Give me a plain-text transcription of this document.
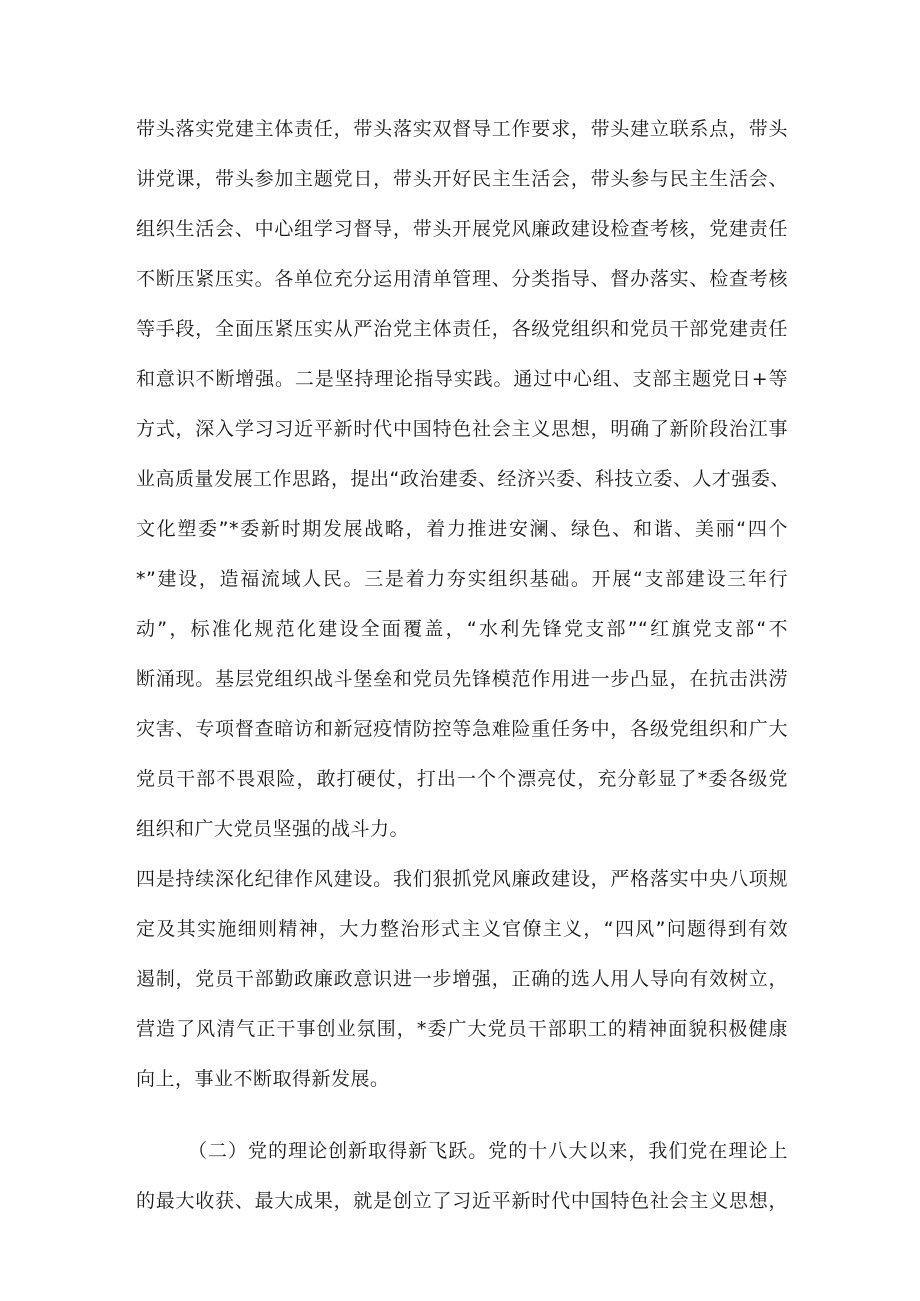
带头落实党建主体责任，带头落实双督导工作要求，带头建立联系点，带头
讲党课，带头参加主题党日，带头开好民主生活会，带头参与民主生活会、
组织生活会、中心组学习督导，带头开展党风廉政建设检查考核，党建责任
不断压紧压实。各单位充分运用清单管理、分类指导、督办落实、检查考核
等手段，全面压紧压实从严治党主体责任，各级党组织和党员干部党建责任
和意识不断增强。二是坚持理论指导实践。通过中心组、支部主题党日+等
方式，深入学习习近平新时代中国特色社会主义思想，明确了新阶段治江事
业高质量发展工作思路，提出“政治建委、经济兴委、科技立委、人才强委、
文化塑委”*委新时期发展战略，着力推进安澜、绿色、和谐、美丽“四个
*”建设，造福流域人民。三是着力夯实组织基础。开展“支部建设三年行
动”，标准化规范化建设全面覆盖，“水利先锋党支部”“红旗党支部“不
断涌现。基层党组织战斗堡垒和党员先锋模范作用进一步凸显，在抗击洪涝
灾害、专项督查暗访和新冠疫情防控等急难险重任务中，各级党组织和广大
党员干部不畏艰险，敢打硬仗，打出一个个漂亮仗，充分彰显了*委各级党
组织和广大党员坚强的战斗力。
四是持续深化纪律作风建设。我们狠抓党风廉政建设，严格落实中央八项规
定及其实施细则精神，大力整治形式主义官僚主义，“四风”问题得到有效
遏制，党员干部勤政廉政意识进一步增强，正确的选人用人导向有效树立，
营造了风清气正干事创业氛围，*委广大党员干部职工的精神面貌积极健康
向上，事业不断取得新发展。
（二）党的理论创新取得新飞跃。党的十八大以来，我们党在理论上
的最大收获、最大成果，就是创立了习近平新时代中国特色社会主义思想，
